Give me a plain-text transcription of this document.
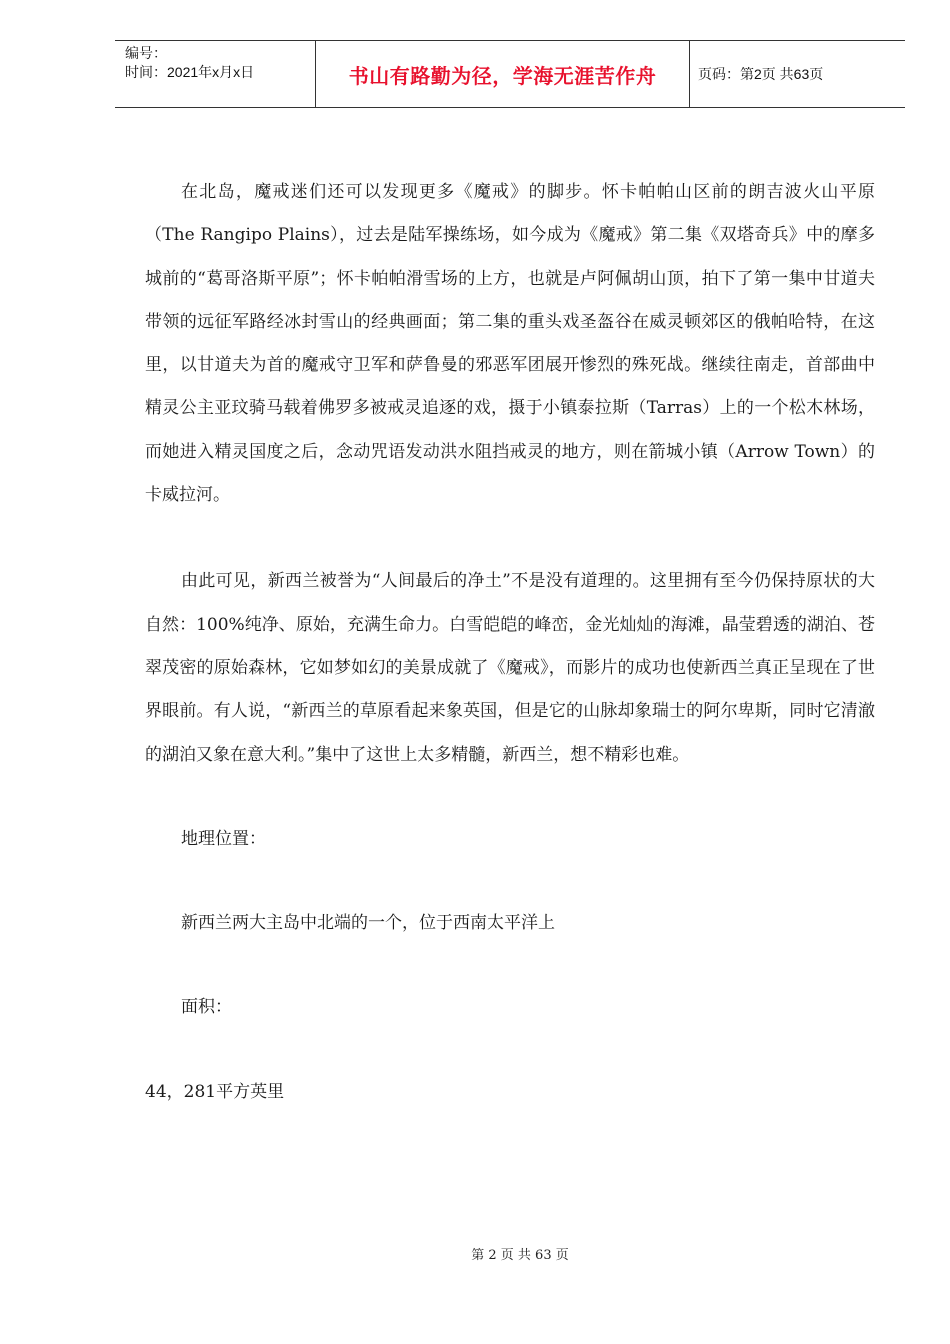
编号：
时间：2021年x月x日	书山有路勤为径，学海无涯苦作舟	页码：第2页 共63页

在北岛，魔戒迷们还可以发现更多《魔戒》的脚步。怀卡帕帕山区前的朗吉波火山平原（The Rangipo Plains），过去是陆军操练场，如今成为《魔戒》第二集《双塔奇兵》中的摩多城前的“葛哥洛斯平原”；怀卡帕帕滑雪场的上方，也就是卢阿佩胡山顶，拍下了第一集中甘道夫带领的远征军路经冰封雪山的经典画面；第二集的重头戏圣盔谷在威灵顿郊区的俄帕哈特，在这里，以甘道夫为首的魔戒守卫军和萨鲁曼的邪恶军团展开惨烈的殊死战。继续往南走，首部曲中精灵公主亚玟骑马载着佛罗多被戒灵追逐的戏，摄于小镇泰拉斯（Tarras）上的一个松木林场，而她进入精灵国度之后，念动咒语发动洪水阻挡戒灵的地方，则在箭城小镇（Arrow Town）的卡威拉河。

由此可见，新西兰被誉为“人间最后的净土”不是没有道理的。这里拥有至今仍保持原状的大自然：100%纯净、原始，充满生命力。白雪皑皑的峰峦，金光灿灿的海滩，晶莹碧透的湖泊、苍翠茂密的原始森林，它如梦如幻的美景成就了《魔戒》，而影片的成功也使新西兰真正呈现在了世界眼前。有人说，“新西兰的草原看起来象英国，但是它的山脉却象瑞士的阿尔卑斯，同时它清澈的湖泊又象在意大利。”集中了这世上太多精髓，新西兰，想不精彩也难。

地理位置：

新西兰两大主岛中北端的一个，位于西南太平洋上

面积：

44，281平方英里

第 2 页 共 63 页
